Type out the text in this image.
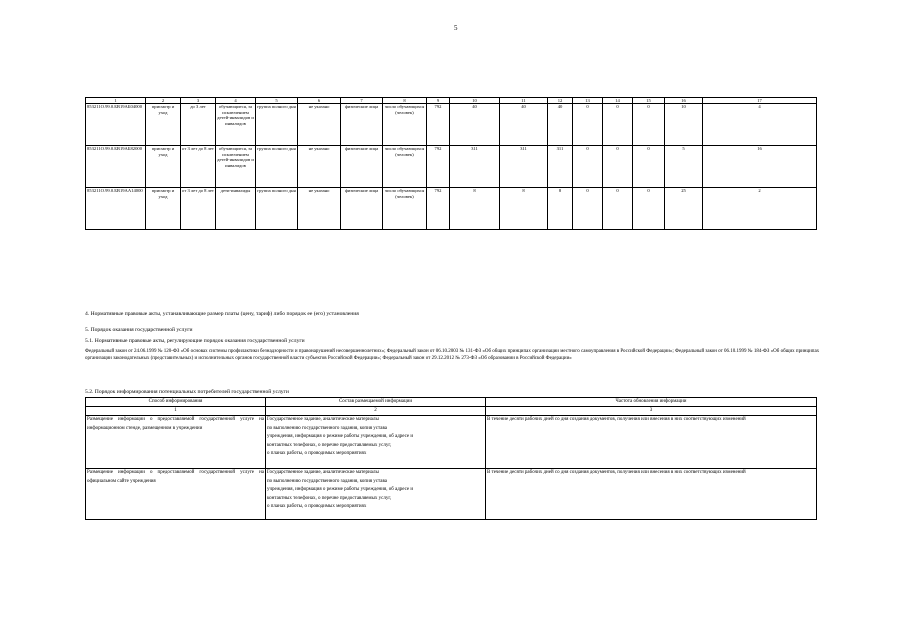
5
1	2	3	4	5	6	7	8	9	10	11	12	13	14	15	16	17
853211О.99.0.БВ19АБ04000	присмотр и уход	до 3 лет	обучающиеся, за исключением детей-инвалидов и инвалидов	группа полного дня	не указано	физические лица	число обучающихся (человек)	792	40	40	40	0	0	0	10	4
853211О.99.0.БВ19АБ82000	присмотр и уход	от 3 лет до 8 лет	обучающиеся, за исключением детей-инвалидов и инвалидов	группа полного дня	не указано	физические лица	число обучающихся (человек)	792	311	311	311	0	0	0	5	16
853211О.99.0.БВ19АА14000	присмотр и уход	от 3 лет до 8 лет	дети-инвалиды	группа полного дня	не указано	физические лица	число обучающихся (человек)	792	8	8	8	0	0	0	25	2
4. Нормативные правовые акты, устанавливающие размер платы (цену, тариф) либо порядок ее (его) установления
5. Порядок оказания государственной услуги
5.1. Нормативные правовые акты, регулирующие порядок оказания государственной услуги
Федеральный закон от 24.06.1999 № 120-ФЗ «Об основах системы профилактики безнадзорности и правонарушений несовершеннолетних»; Федеральный закон от 06.10.2003 № 131-ФЗ «Об общих принципах организации местного самоуправления в Российской Федерации»; Федеральный закон от 06.10.1999 № 184-ФЗ «Об общих принципах организации законодательных (представительных) и исполнительных органов государственной власти субъектов Российской Федерации»; Федеральный закон от 29.12.2012 № 273-ФЗ «Об образовании в Российской Федерации»
5.2. Порядок информирования потенциальных потребителей государственной услуги
Способ информирования	Состав размещаемой информации	Частота обновления информации
1	2	3
Размещение информации о предоставляемой государственной услуге на информационном стенде, размещенном в учреждении	Государственное задание, аналитические материалы
по выполнению государственного задания, копия устава
учреждения, информация о режиме работы учреждения, об адресе и
контактных телефонах, о перечне предоставляемых услуг,
о планах работы, о проводимых мероприятиях	В течение десяти рабочих дней со дня создания документов, получения или внесения в них соответствующих изменений
Размещение информации о предоставляемой государственной услуге на официальном сайте учреждения	Государственное задание, аналитические материалы
по выполнению государственного задания, копия устава
учреждения, информация о режиме работы учреждения, об адресе и
контактных телефонах, о перечне предоставляемых услуг,
о планах работы, о проводимых мероприятиях	В течение десяти рабочих дней со дня создания документов, получения или внесения в них соответствующих изменений
